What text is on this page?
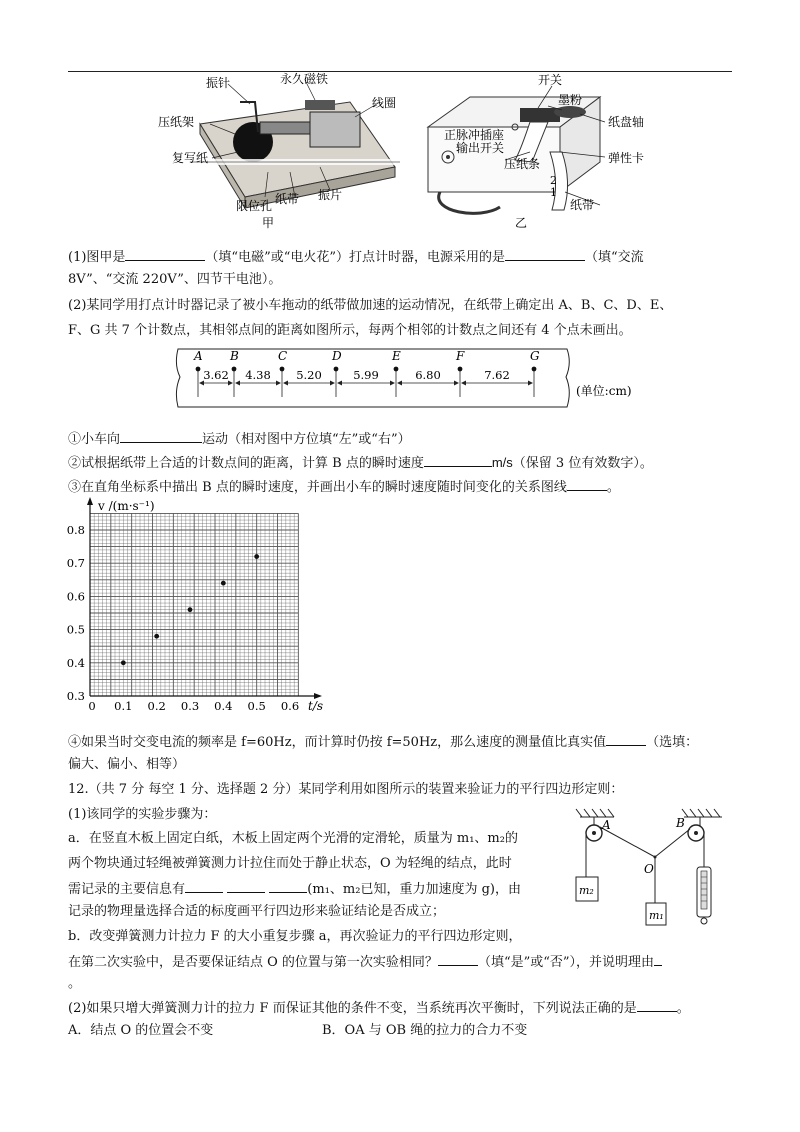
振针	永久磁铁
线圈
压纸架
复写纸
限位孔 纸带 振片
甲
开关
墨粉
正脉冲插座
输出开关
纸盘轴
压纸条	弹性卡
2
1
纸带
乙
(1)图甲是	（填“电磁”或“电火花”）打点计时器，电源采用的是	（填“交流
8V”、“交流 220V”、四节干电池）。
(2)某同学用打点计时器记录了被小车拖动的纸带做加速的运动情况，在纸带上确定出 A、B、C、D、E、
F、G 共 7 个计数点，其相邻点间的距离如图所示，每两个相邻的计数点之间还有 4 个点未画出。
A B	C	D	E	F	G
3.62 4.38 5.20	5.99	6.80	7.62
(单位:cm)
①小车向	运动（相对图中方位填“左”或“右”）
②试根据纸带上合适的计数点间的距离，计算 B 点的瞬时速度	m/s（保留 3 位有效数字）。
③在直角坐标系中描出 B 点的瞬时速度，并画出小车的瞬时速度随时间变化的关系图线	。
0 0.1 0.2 0.3 0.4 0.5 0.6
0.3
0.4
0.5
0.6
0.7
0.8
v /(m·s⁻¹)
t/s
④如果当时交变电流的频率是 f=60Hz，而计算时仍按 f=50Hz，那么速度的测量值比真实值	（选填：
偏大、偏小、相等）
12.（共 7 分 每空 1 分、选择题 2 分）某同学利用如图所示的装置来验证力的平行四边形定则：
(1)该同学的实验步骤为：
a．在竖直木板上固定白纸，木板上固定两个光滑的定滑轮，质量为 m₁、m₂的
两个物块通过轻绳被弹簧测力计拉住而处于静止状态，O 为轻绳的结点，此时
需记录的主要信息有	(m₁、m₂已知，重力加速度为 g)，由
记录的物理量选择合适的标度画平行四边形来验证结论是否成立；
b．改变弹簧测力计拉力 F 的大小重复步骤 a，再次验证力的平行四边形定则，
在第二次实验中，是否要保证结点 O 的位置与第一次实验相同？	（填“是”或“否”），并说明理由
。
(2)如果只增大弹簧测力计的拉力 F 而保证其他的条件不变，当系统再次平衡时，下列说法正确的是	。
A．结点 O 的位置会不变	B．OA 与 OB 绳的拉力的合力不变
A	B
O
m₂
m₁
